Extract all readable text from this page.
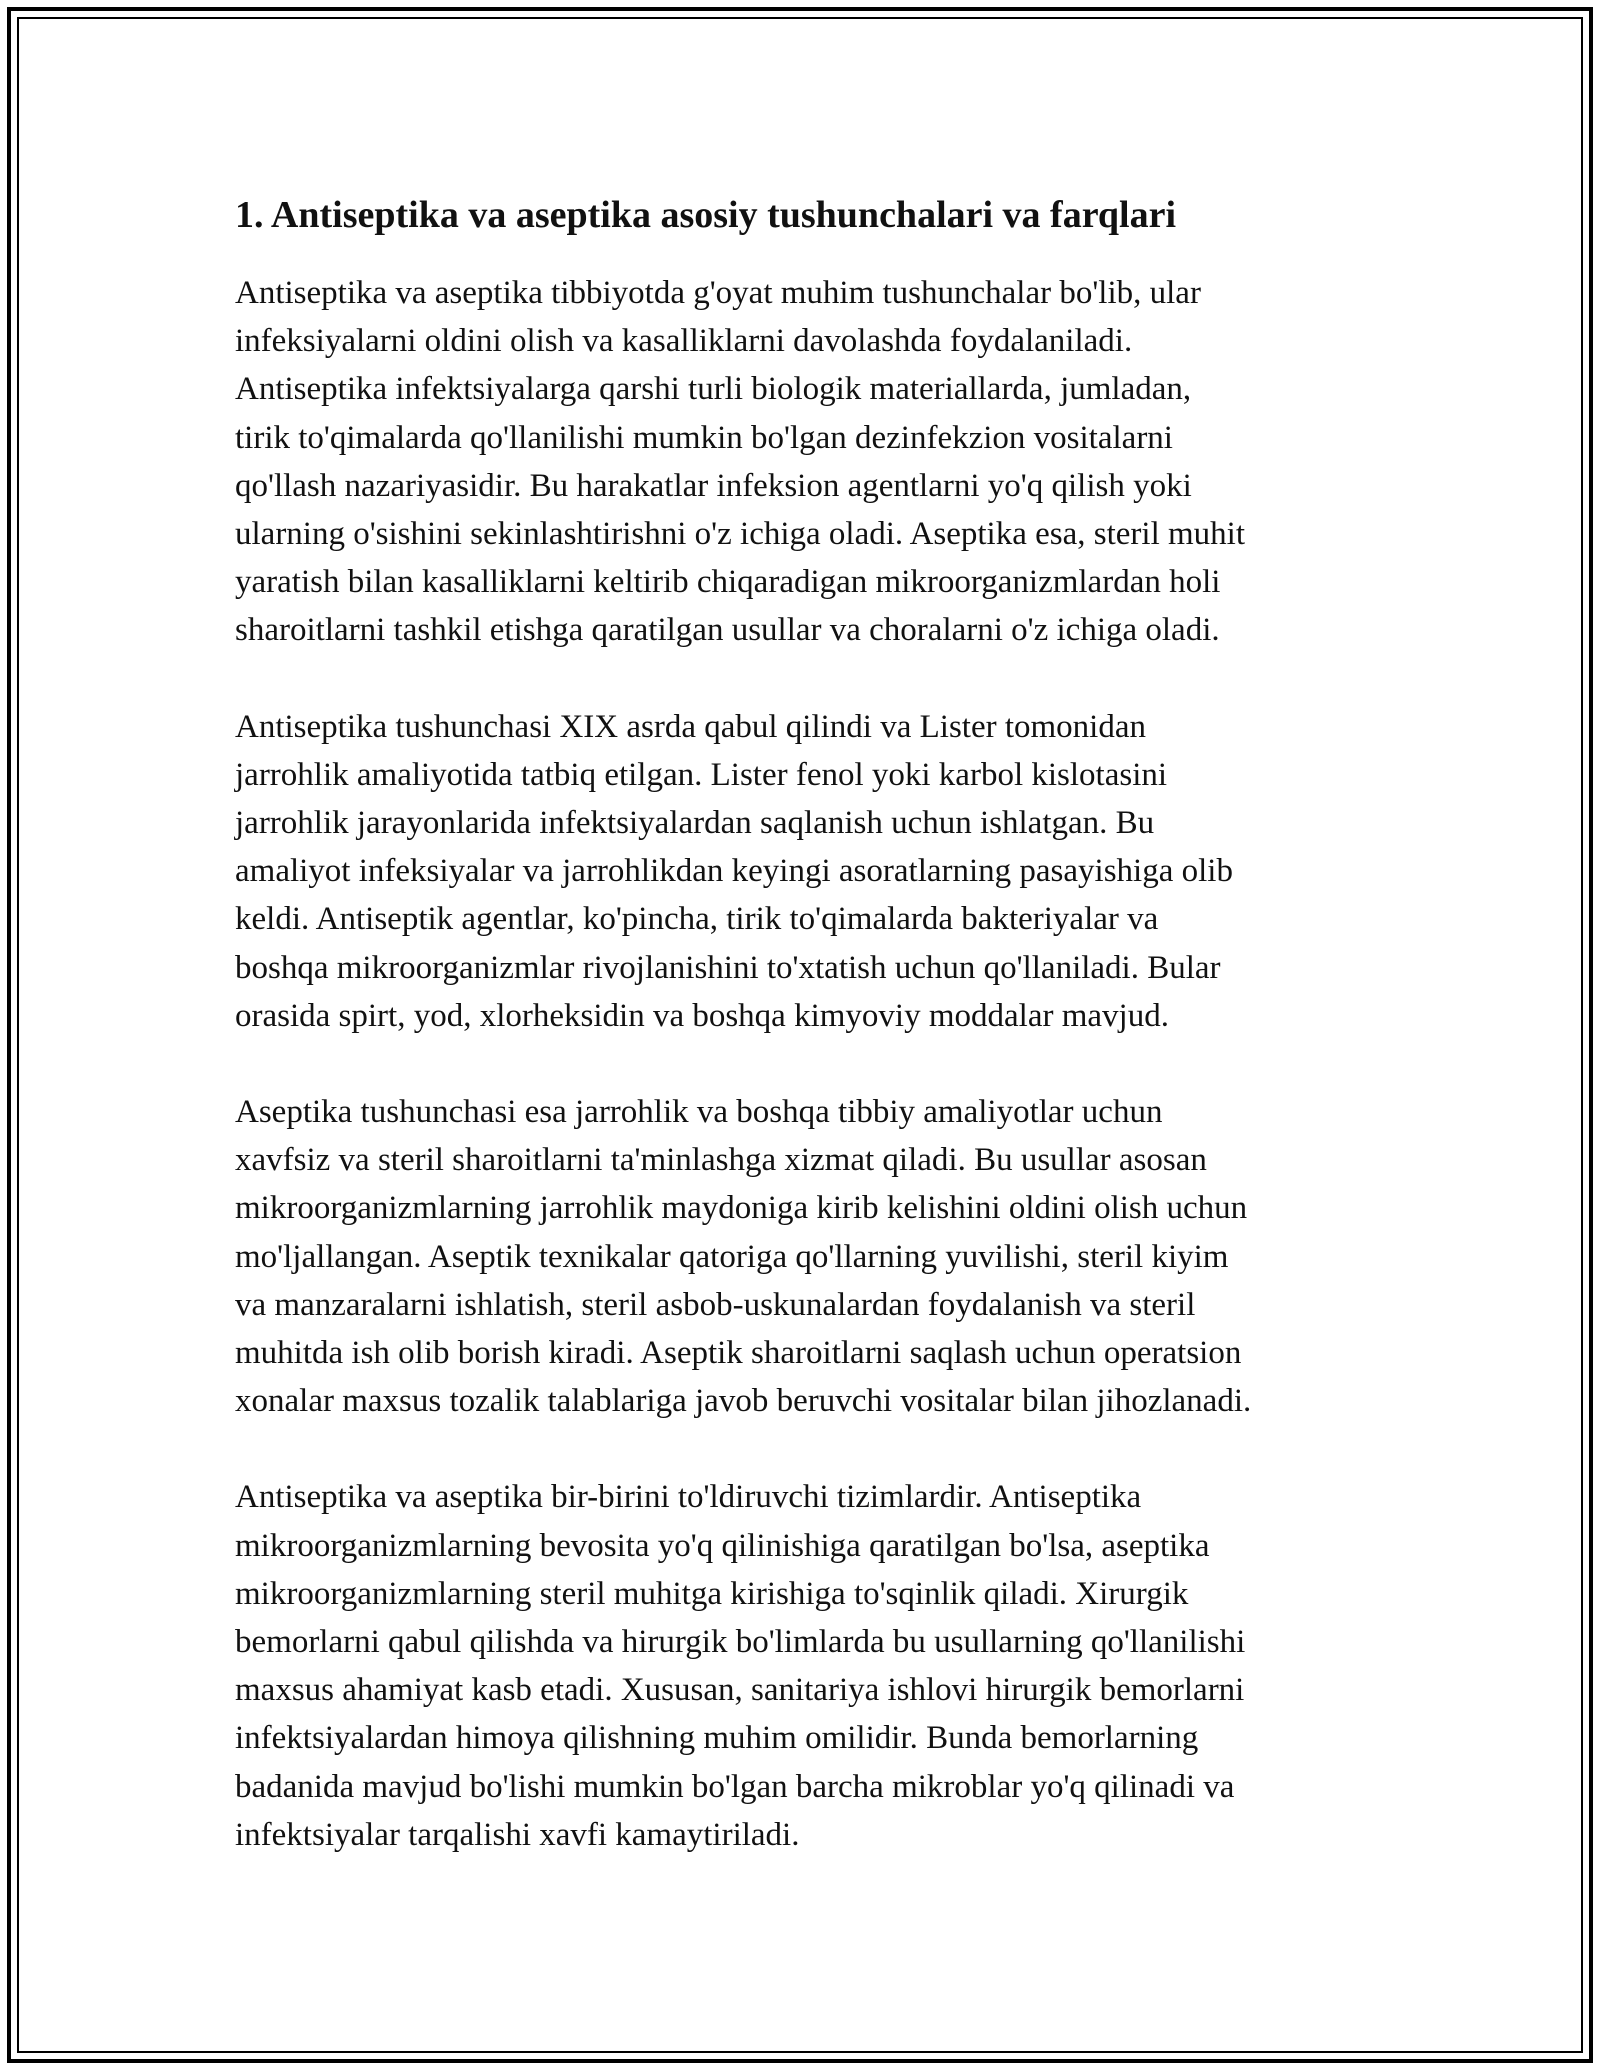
1. Antiseptika va aseptika asosiy tushunchalari va farqlari

Antiseptika va aseptika tibbiyotda g'oyat muhim tushunchalar bo'lib, ular
infeksiyalarni oldini olish va kasalliklarni davolashda foydalaniladi.
Antiseptika infektsiyalarga qarshi turli biologik materiallarda, jumladan,
tirik to'qimalarda qo'llanilishi mumkin bo'lgan dezinfekzion vositalarni
qo'llash nazariyasidir. Bu harakatlar infeksion agentlarni yo'q qilish yoki
ularning o'sishini sekinlashtirishni o'z ichiga oladi. Aseptika esa, steril muhit
yaratish bilan kasalliklarni keltirib chiqaradigan mikroorganizmlardan holi
sharoitlarni tashkil etishga qaratilgan usullar va choralarni o'z ichiga oladi.

Antiseptika tushunchasi XIX asrda qabul qilindi va Lister tomonidan
jarrohlik amaliyotida tatbiq etilgan. Lister fenol yoki karbol kislotasini
jarrohlik jarayonlarida infektsiyalardan saqlanish uchun ishlatgan. Bu
amaliyot infeksiyalar va jarrohlikdan keyingi asoratlarning pasayishiga olib
keldi. Antiseptik agentlar, ko'pincha, tirik to'qimalarda bakteriyalar va
boshqa mikroorganizmlar rivojlanishini to'xtatish uchun qo'llaniladi. Bular
orasida spirt, yod, xlorheksidin va boshqa kimyoviy moddalar mavjud.

Aseptika tushunchasi esa jarrohlik va boshqa tibbiy amaliyotlar uchun
xavfsiz va steril sharoitlarni ta'minlashga xizmat qiladi. Bu usullar asosan
mikroorganizmlarning jarrohlik maydoniga kirib kelishini oldini olish uchun
mo'ljallangan. Aseptik texnikalar qatoriga qo'llarning yuvilishi, steril kiyim
va manzaralarni ishlatish, steril asbob-uskunalardan foydalanish va steril
muhitda ish olib borish kiradi. Aseptik sharoitlarni saqlash uchun operatsion
xonalar maxsus tozalik talablariga javob beruvchi vositalar bilan jihozlanadi.

Antiseptika va aseptika bir-birini to'ldiruvchi tizimlardir. Antiseptika
mikroorganizmlarning bevosita yo'q qilinishiga qaratilgan bo'lsa, aseptika
mikroorganizmlarning steril muhitga kirishiga to'sqinlik qiladi. Xirurgik
bemorlarni qabul qilishda va hirurgik bo'limlarda bu usullarning qo'llanilishi
maxsus ahamiyat kasb etadi. Xususan, sanitariya ishlovi hirurgik bemorlarni
infektsiyalardan himoya qilishning muhim omilidir. Bunda bemorlarning
badanida mavjud bo'lishi mumkin bo'lgan barcha mikroblar yo'q qilinadi va
infektsiyalar tarqalishi xavfi kamaytiriladi.
